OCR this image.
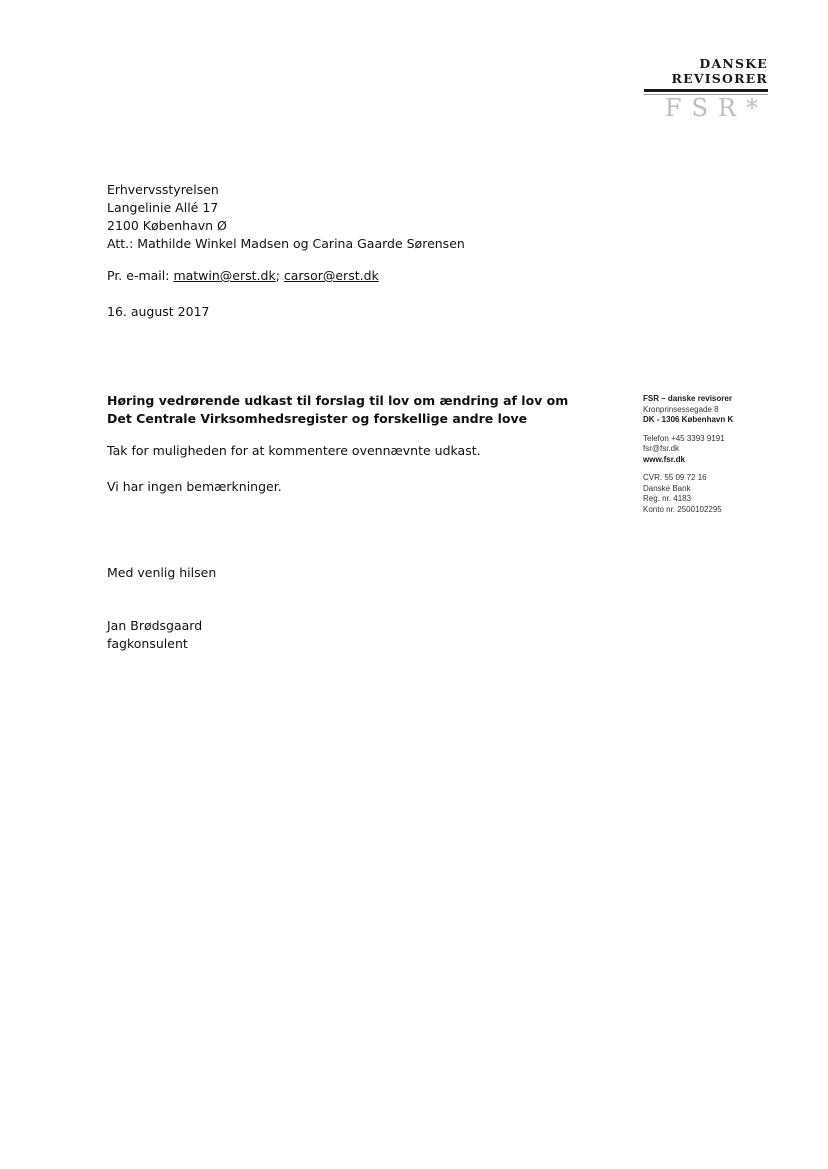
DANSKE
REVISORER
FSR*
Erhvervsstyrelsen
Langelinie Allé 17
2100 København Ø
Att.: Mathilde Winkel Madsen og Carina Gaarde Sørensen
Pr. e-mail: matwin@erst.dk; carsor@erst.dk
16. august 2017
Høring vedrørende udkast til forslag til lov om ændring af lov om Det Centrale Virksomhedsregister og forskellige andre love
Tak for muligheden for at kommentere ovennævnte udkast.
Vi har ingen bemærkninger.
Med venlig hilsen
Jan Brødsgaard
fagkonsulent
FSR – danske revisorer
Kronprinsessegade 8
DK - 1306 København K
Telefon +45 3393 9191
fsr@fsr.dk
www.fsr.dk
CVR. 55 09 72 16
Danske Bank
Reg. nr. 4183
Konto nr. 2500102295
